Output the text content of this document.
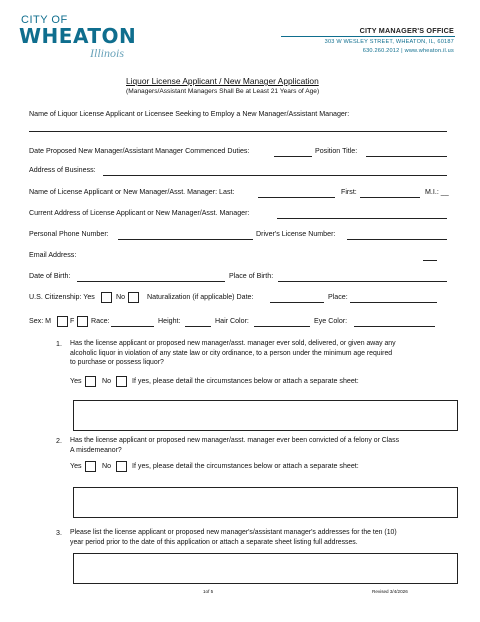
CITY OF
WHEATON
Illinois
CITY MANAGER'S OFFICE
303 W WESLEY STREET, WHEATON, IL, 60187
630.260.2012 | www.wheaton.il.us
Liquor License Applicant / New Manager Application
(Managers/Assistant Managers Shall Be at Least 21 Years of Age)
Name of Liquor License Applicant or Licensee Seeking to Employ a New Manager/Assistant Manager:
Date Proposed New Manager/Assistant Manager Commenced Duties:	Position Title:
Address of Business:
Name of License Applicant or New Manager/Asst. Manager: Last:	First:	M.I.: __
Current Address of License Applicant or New Manager/Asst. Manager:
Personal Phone Number:	Driver's License Number:
Email Address:
Date of Birth:	Place of Birth:
U.S. Citizenship: Yes	No	Naturalization (if applicable) Date:	Place:
Sex: M	F Race:	Height:	Hair Color:	Eye Color:
1. Has the license applicant or proposed new manager/asst. manager ever sold, delivered, or given away any
alcoholic liquor in violation of any state law or city ordinance, to a person under the minimum age required
to purchase or possess liquor?
Yes	No	If yes, please detail the circumstances below or attach a separate sheet:
2. Has the license applicant or proposed new manager/asst. manager ever been convicted of a felony or Class
A misdemeanor?
Yes	No	If yes, please detail the circumstances below or attach a separate sheet:
3. Please list the license applicant or proposed new manager's/assistant manager's addresses for the ten (10)
year period prior to the date of this application or attach a separate sheet listing full addresses.
1of 5	Revised 3/4/2026
